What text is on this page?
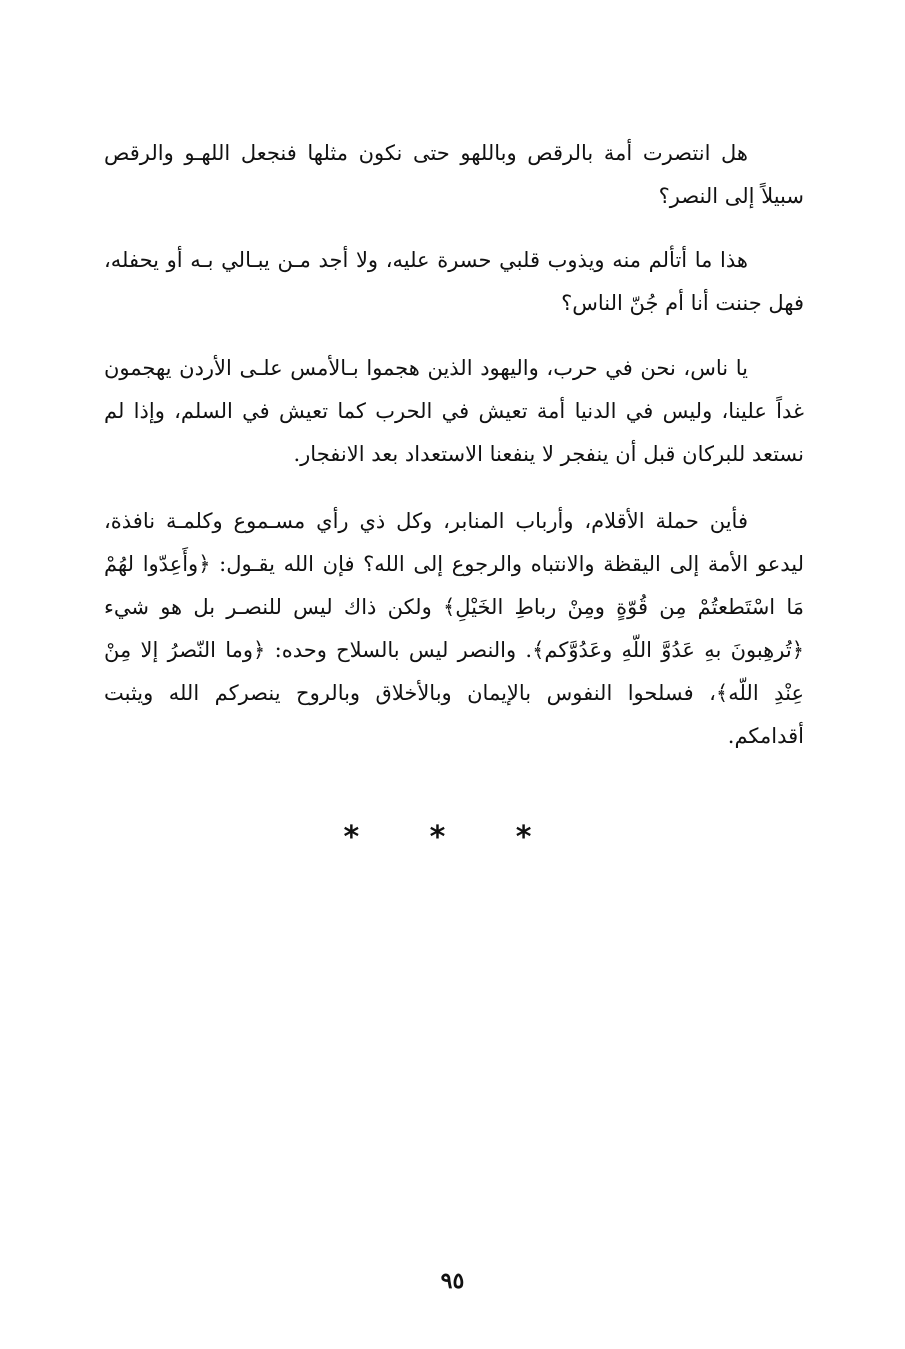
هل انتصرت أمة بالرقص وباللهو حتى نكون مثلها فنجعل اللهـو والرقص سبيلاً إلى النصر؟

هذا ما أتألم منه ويذوب قلبي حسرة عليه، ولا أجد مـن يبـالي بـه أو يحفله، فهل جننت أنا أم جُنّ الناس؟

يا ناس، نحن في حرب، واليهود الذين هجموا بـالأمس علـى الأردن يهجمون غداً علينا، وليس في الدنيا أمة تعيش في الحرب كما تعيش في السلم، وإذا لم نستعد للبركان قبل أن ينفجر لا ينفعنا الاستعداد بعد الانفجار.

فأين حملة الأقلام، وأرباب المنابر، وكل ذي رأي مسـموع وكلمـة نافذة، ليدعو الأمة إلى اليقظة والانتباه والرجوع إلى الله؟ فإن الله يقـول: ﴿وأَعِدّوا لهُمْ مَا اسْتَطعتُمْ مِن قُوّةٍ ومِنْ رباطِ الخَيْلِ﴾ ولكن ذاك ليس للنصـر بل هو شيء ﴿تُرهِبونَ بهِ عَدُوَّ اللّهِ وعَدُوَّكم﴾. والنصر ليس بالسلاح وحده: ﴿وما النّصرُ إلا مِنْ عِنْدِ اللّه﴾، فسلحوا النفوس بالإيمان وبالأخلاق وبالروح ينصركم الله ويثبت أقدامكم.

* * *
٩٥
